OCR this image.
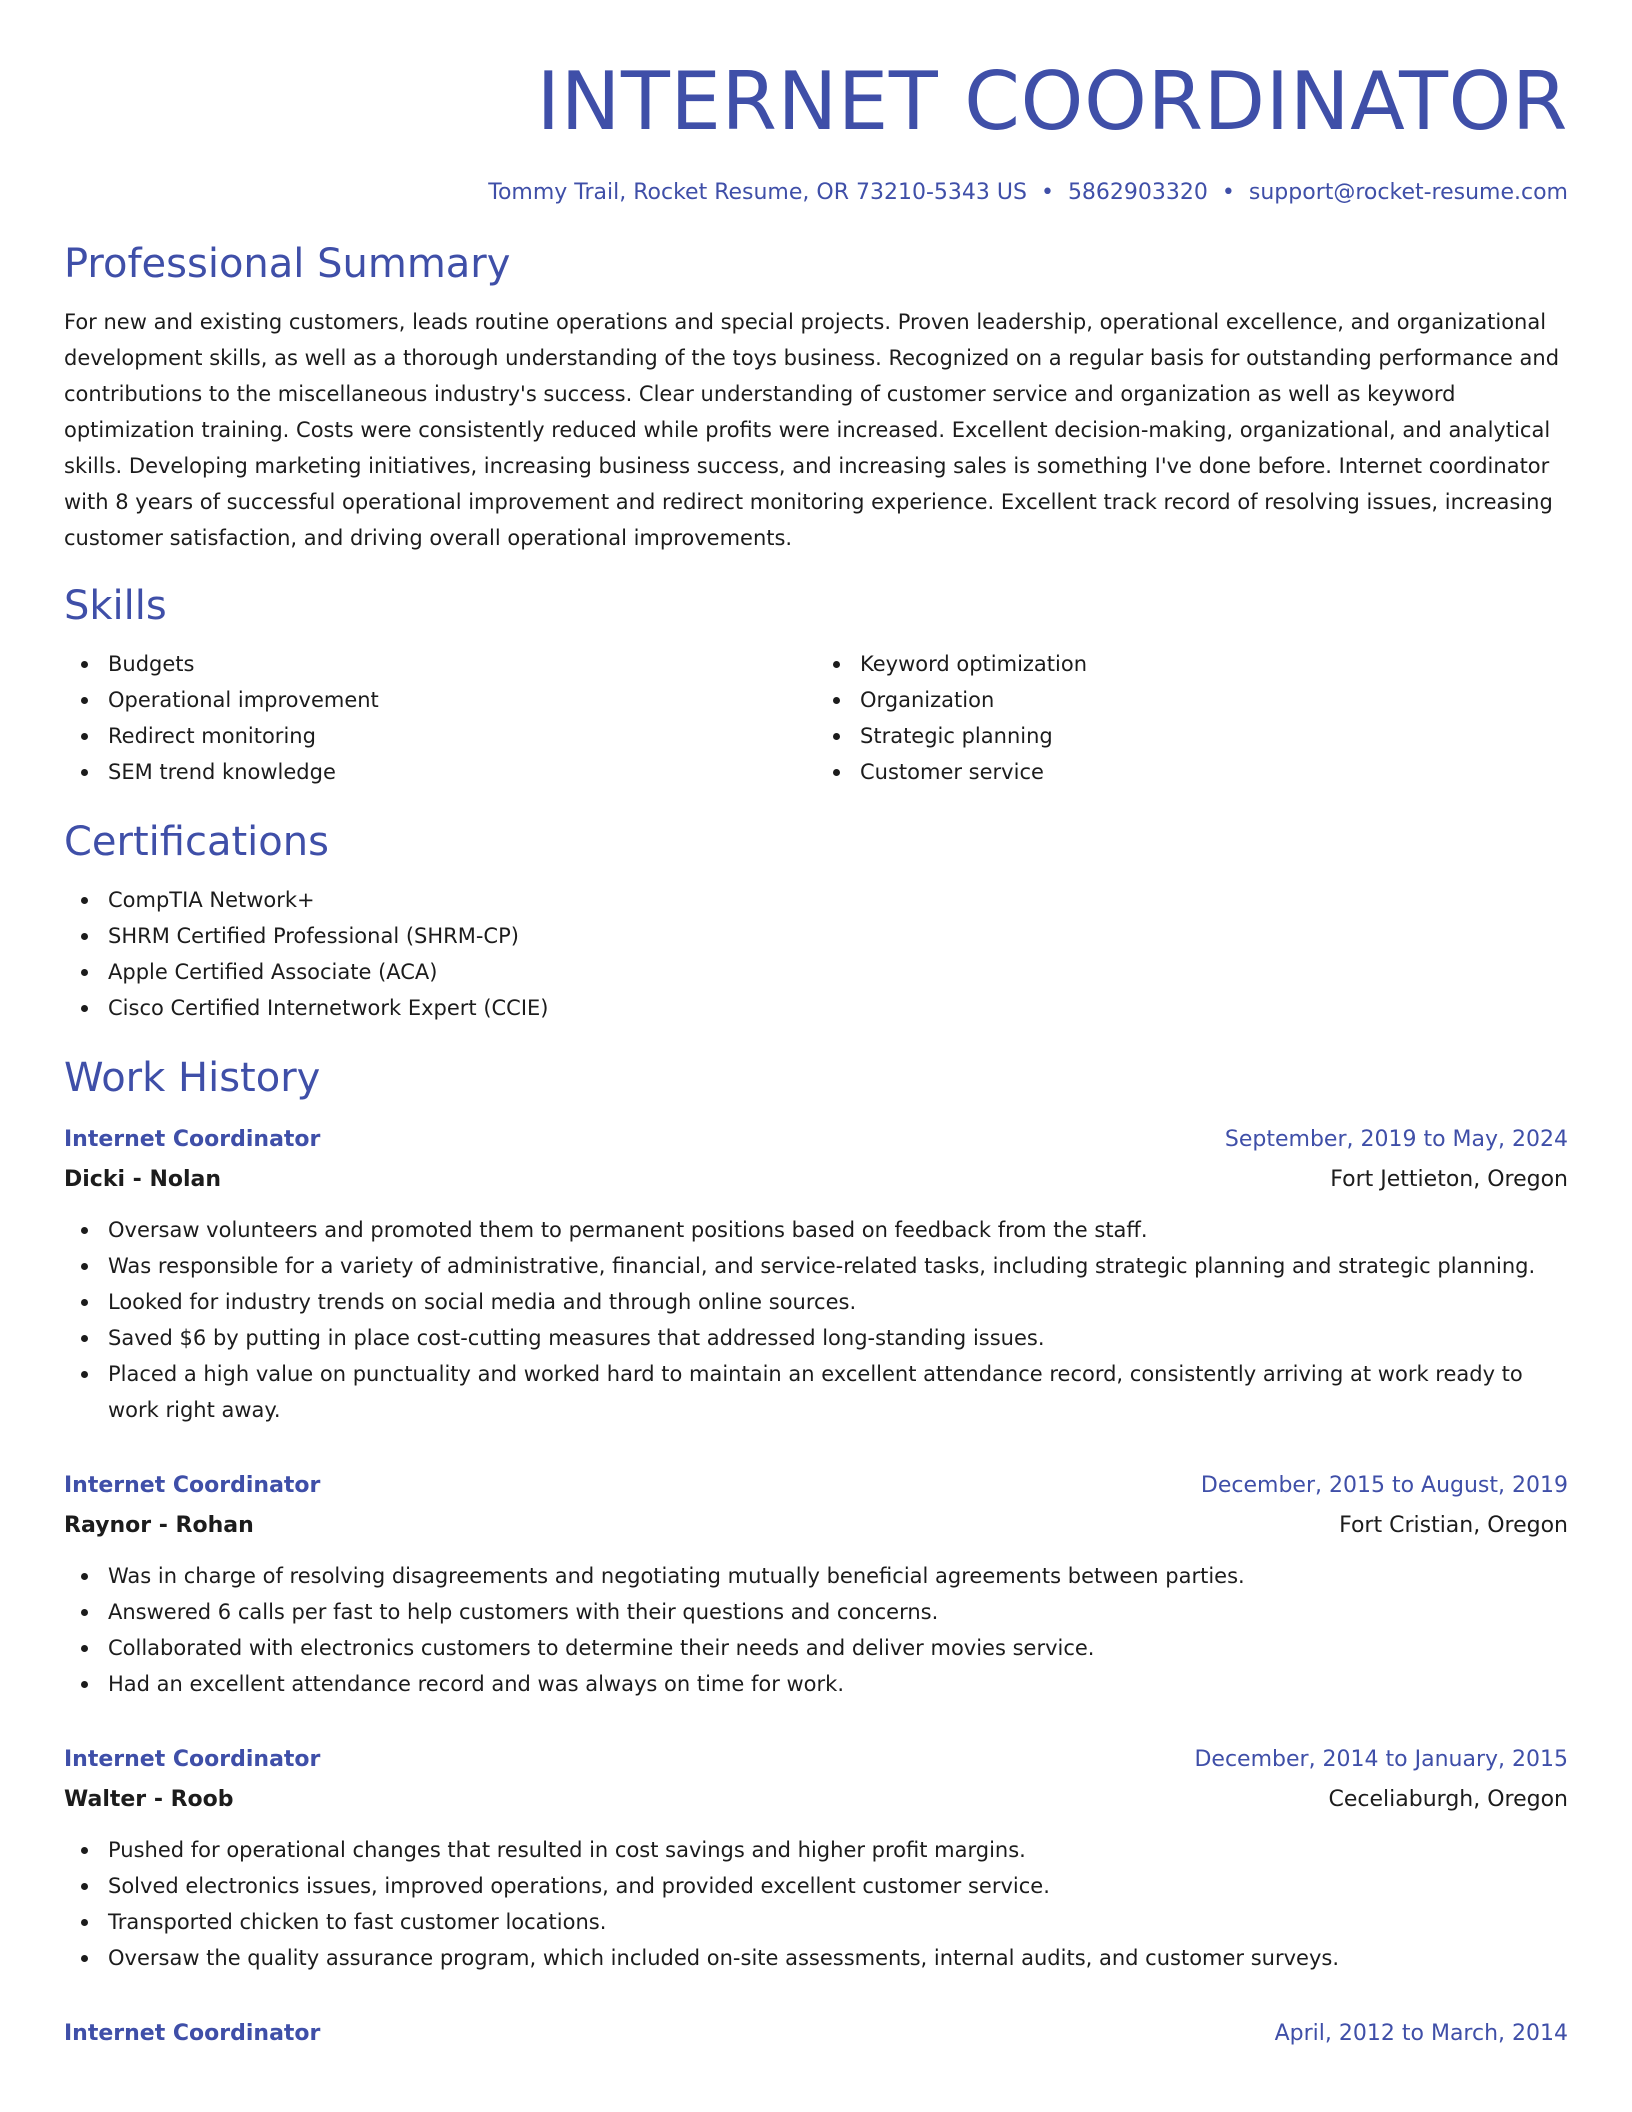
INTERNET COORDINATOR
Tommy Trail, Rocket Resume, OR 73210-5343 US • 5862903320 • support@rocket-resume.com
Professional Summary
For new and existing customers, leads routine operations and special projects. Proven leadership, operational excellence, and organizational development skills, as well as a thorough understanding of the toys business. Recognized on a regular basis for outstanding performance and contributions to the miscellaneous industry's success. Clear understanding of customer service and organization as well as keyword optimization training. Costs were consistently reduced while profits were increased. Excellent decision-making, organizational, and analytical skills. Developing marketing initiatives, increasing business success, and increasing sales is something I've done before. Internet coordinator with 8 years of successful operational improvement and redirect monitoring experience. Excellent track record of resolving issues, increasing customer satisfaction, and driving overall operational improvements.
Skills
Budgets
Operational improvement
Redirect monitoring
SEM trend knowledge
Keyword optimization
Organization
Strategic planning
Customer service
Certifications
CompTIA Network+
SHRM Certified Professional (SHRM-CP)
Apple Certified Associate (ACA)
Cisco Certified Internetwork Expert (CCIE)
Work History
Internet Coordinator	September, 2019 to May, 2024
Dicki - Nolan	Fort Jettieton, Oregon
Oversaw volunteers and promoted them to permanent positions based on feedback from the staff.
Was responsible for a variety of administrative, financial, and service-related tasks, including strategic planning and strategic planning.
Looked for industry trends on social media and through online sources.
Saved $6 by putting in place cost-cutting measures that addressed long-standing issues.
Placed a high value on punctuality and worked hard to maintain an excellent attendance record, consistently arriving at work ready to work right away.
Internet Coordinator	December, 2015 to August, 2019
Raynor - Rohan	Fort Cristian, Oregon
Was in charge of resolving disagreements and negotiating mutually beneficial agreements between parties.
Answered 6 calls per fast to help customers with their questions and concerns.
Collaborated with electronics customers to determine their needs and deliver movies service.
Had an excellent attendance record and was always on time for work.
Internet Coordinator	December, 2014 to January, 2015
Walter - Roob	Ceceliaburgh, Oregon
Pushed for operational changes that resulted in cost savings and higher profit margins.
Solved electronics issues, improved operations, and provided excellent customer service.
Transported chicken to fast customer locations.
Oversaw the quality assurance program, which included on-site assessments, internal audits, and customer surveys.
Internet Coordinator	April, 2012 to March, 2014
